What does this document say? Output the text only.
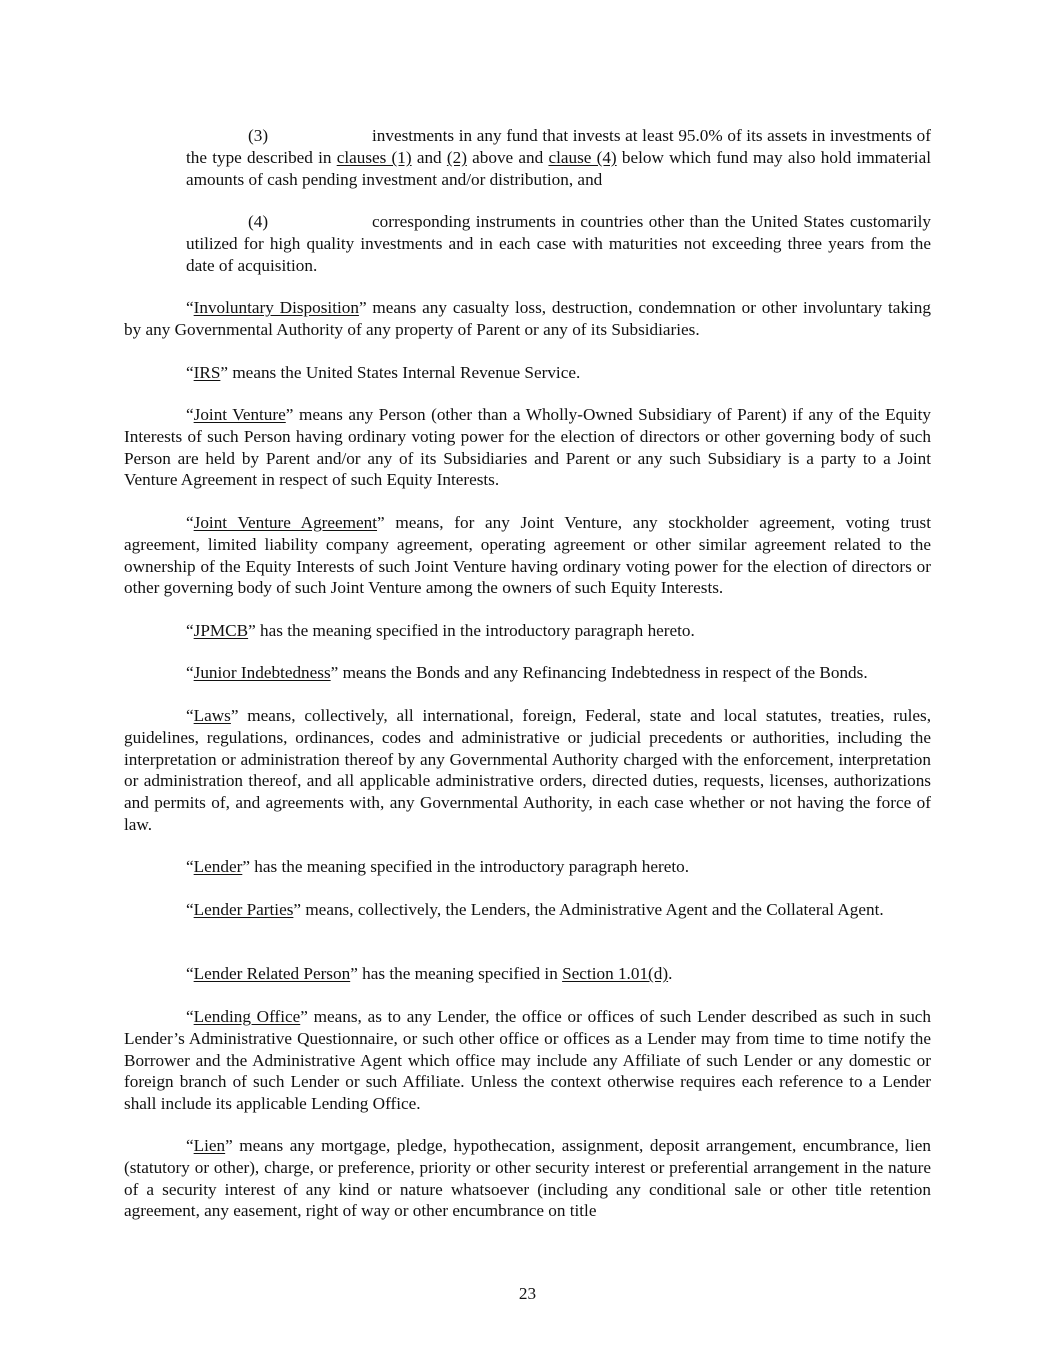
(3)	investments in any fund that invests at least 95.0% of its assets in investments of the type described in clauses (1) and (2) above and clause (4) below which fund may also hold immaterial amounts of cash pending investment and/or distribution, and

(4)	corresponding instruments in countries other than the United States customarily utilized for high quality investments and in each case with maturities not exceeding three years from the date of acquisition.

“Involuntary Disposition” means any casualty loss, destruction, condemnation or other involuntary taking by any Governmental Authority of any property of Parent or any of its Subsidiaries.

“IRS” means the United States Internal Revenue Service.

“Joint Venture” means any Person (other than a Wholly-Owned Subsidiary of Parent) if any of the Equity Interests of such Person having ordinary voting power for the election of directors or other governing body of such Person are held by Parent and/or any of its Subsidiaries and Parent or any such Subsidiary is a party to a Joint Venture Agreement in respect of such Equity Interests.

“Joint Venture Agreement” means, for any Joint Venture, any stockholder agreement, voting trust agreement, limited liability company agreement, operating agreement or other similar agreement related to the ownership of the Equity Interests of such Joint Venture having ordinary voting power for the election of directors or other governing body of such Joint Venture among the owners of such Equity Interests.

“JPMCB” has the meaning specified in the introductory paragraph hereto.

“Junior Indebtedness” means the Bonds and any Refinancing Indebtedness in respect of the Bonds.

“Laws” means, collectively, all international, foreign, Federal, state and local statutes, treaties, rules, guidelines, regulations, ordinances, codes and administrative or judicial precedents or authorities, including the interpretation or administration thereof by any Governmental Authority charged with the enforcement, interpretation or administration thereof, and all applicable administrative orders, directed duties, requests, licenses, authorizations and permits of, and agreements with, any Governmental Authority, in each case whether or not having the force of law.

“Lender” has the meaning specified in the introductory paragraph hereto.

“Lender Parties” means, collectively, the Lenders, the Administrative Agent and the Collateral Agent.

“Lender Related Person” has the meaning specified in Section 1.01(d).

“Lending Office” means, as to any Lender, the office or offices of such Lender described as such in such Lender’s Administrative Questionnaire, or such other office or offices as a Lender may from time to time notify the Borrower and the Administrative Agent which office may include any Affiliate of such Lender or any domestic or foreign branch of such Lender or such Affiliate. Unless the context otherwise requires each reference to a Lender shall include its applicable Lending Office.

“Lien” means any mortgage, pledge, hypothecation, assignment, deposit arrangement, encumbrance, lien (statutory or other), charge, or preference, priority or other security interest or preferential arrangement in the nature of a security interest of any kind or nature whatsoever (including any conditional sale or other title retention agreement, any easement, right of way or other encumbrance on title

23
